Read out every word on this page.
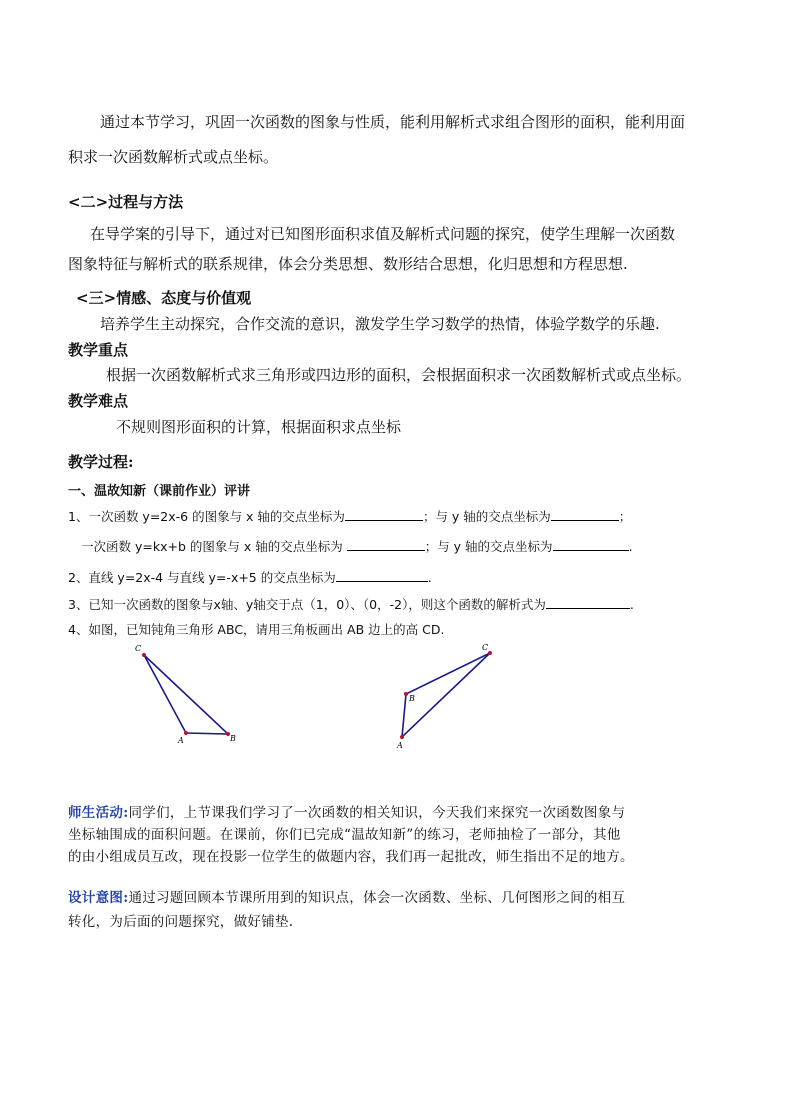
通过本节学习，巩固一次函数的图象与性质，能利用解析式求组合图形的面积，能利用面
积求一次函数解析式或点坐标。
<二>过程与方法
在导学案的引导下，通过对已知图形面积求值及解析式问题的探究，使学生理解一次函数
图象特征与解析式的联系规律，体会分类思想、数形结合思想，化归思想和方程思想.
<三>情感、态度与价值观
培养学生主动探究，合作交流的意识，激发学生学习数学的热情，体验学数学的乐趣.
教学重点
根据一次函数解析式求三角形或四边形的面积，会根据面积求一次函数解析式或点坐标。
教学难点
不规则图形面积的计算，根据面积求点坐标
教学过程:
一、温故知新（课前作业）评讲
1、一次函数 y=2x-6 的图象与 x 轴的交点坐标为	；与 y 轴的交点坐标为	；
一次函数 y=kx+b 的图象与 x 轴的交点坐标为	；与 y 轴的交点坐标为	.
2、直线 y=2x-4 与直线 y=-x+5 的交点坐标为	.
3、已知一次函数的图象与x轴、y轴交于点（1，0）、（0，-2），则这个函数的解析式为	.
4、如图，已知钝角三角形 ABC，请用三角板画出 AB 边上的高 CD.
C
A	B
C
B
A
师生活动:同学们，上节课我们学习了一次函数的相关知识，今天我们来探究一次函数图象与
坐标轴围成的面积问题。在课前，你们已完成“温故知新”的练习，老师抽检了一部分，其他
的由小组成员互改，现在投影一位学生的做题内容，我们再一起批改，师生指出不足的地方。
设计意图:通过习题回顾本节课所用到的知识点，体会一次函数、坐标、几何图形之间的相互
转化，为后面的问题探究，做好铺垫.
